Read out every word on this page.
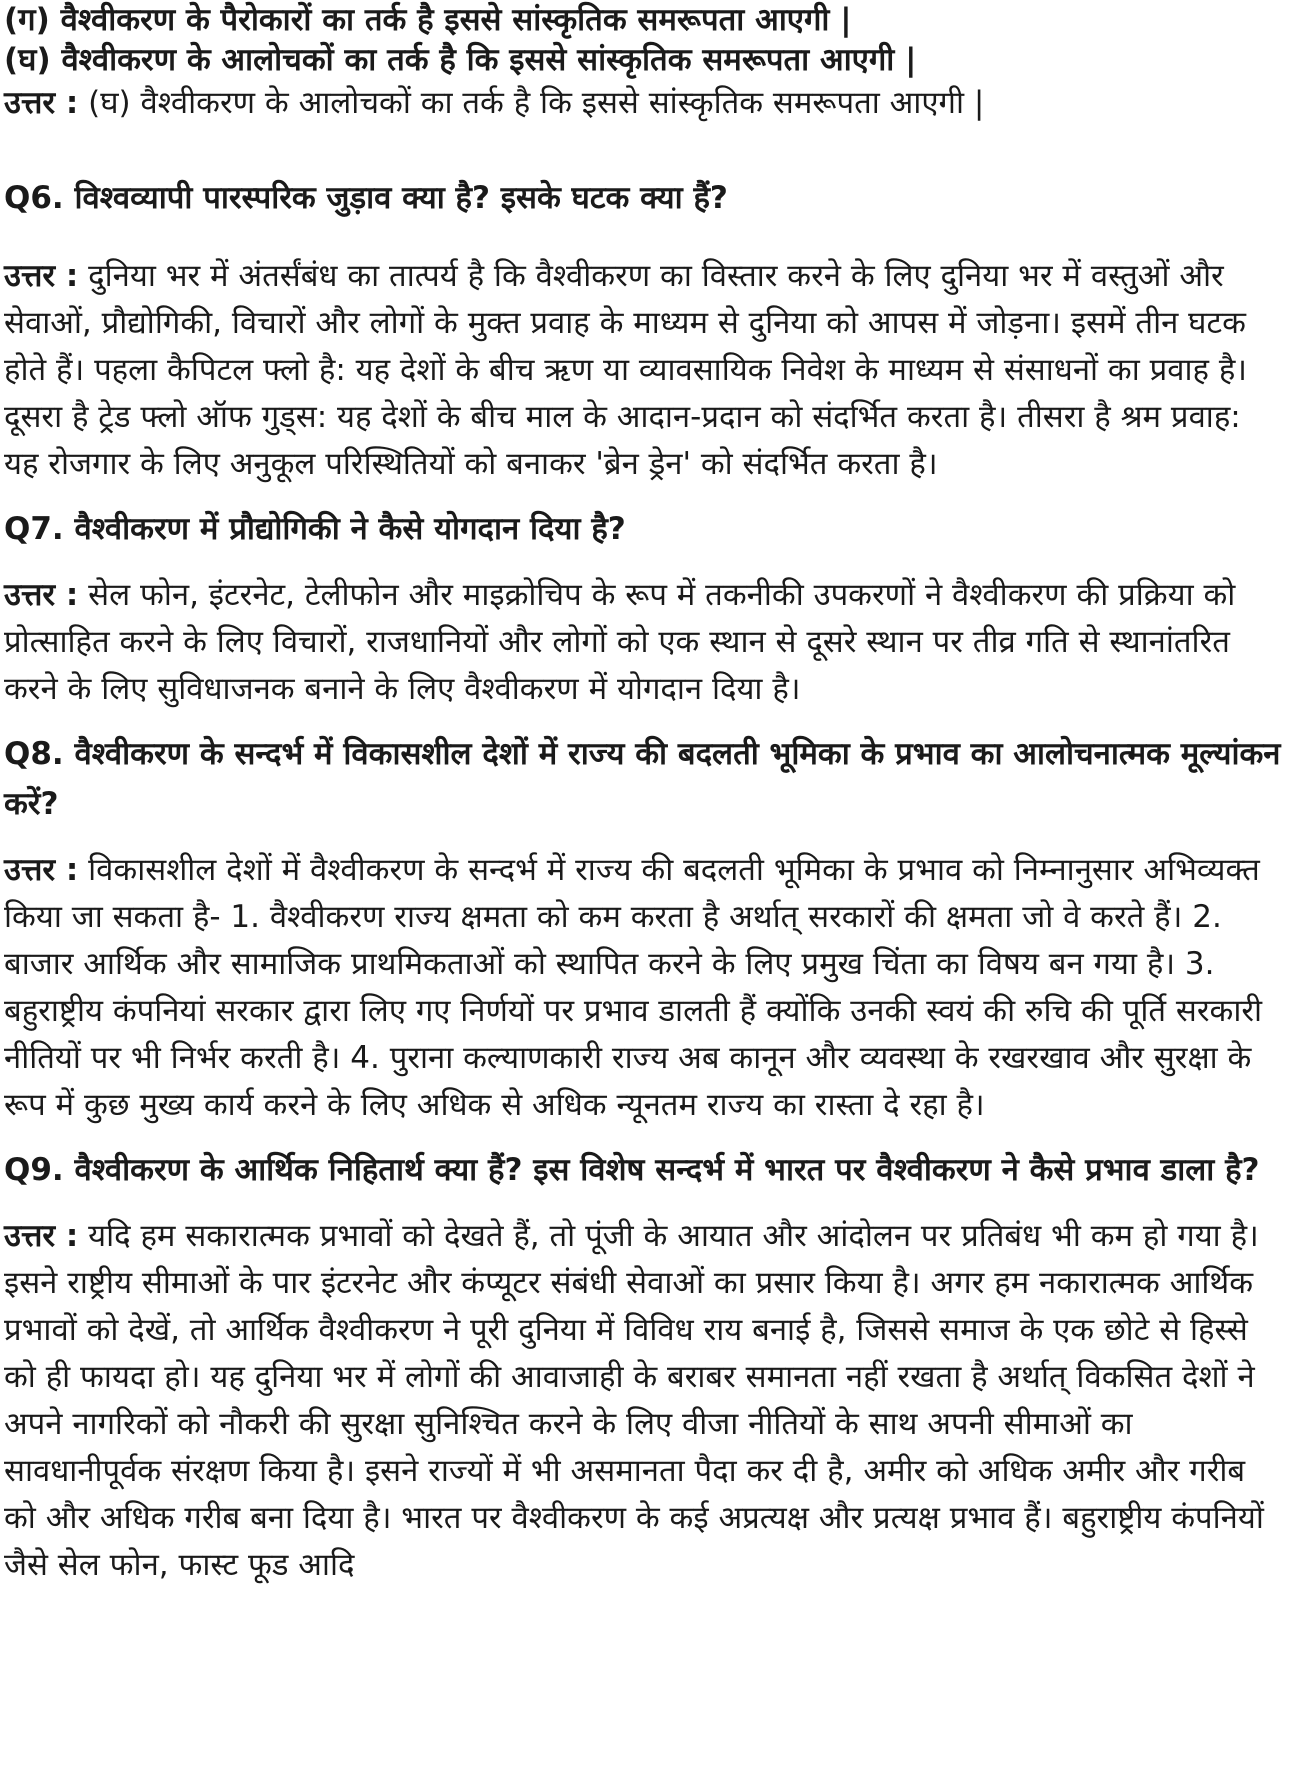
(ग) वैश्वीकरण के पैरोकारों का तर्क है इससे सांस्कृतिक समरूपता आएगी |

(घ) वैश्वीकरण के आलोचकों का तर्क है कि इससे सांस्कृतिक समरूपता आएगी |

उत्तर : (घ) वैश्वीकरण के आलोचकों का तर्क है कि इससे सांस्कृतिक समरूपता आएगी |

Q6. विश्वव्यापी पारस्परिक जुड़ाव क्या है? इसके घटक क्या हैं?

उत्तर : दुनिया भर में अंतर्संबंध का तात्पर्य है कि वैश्वीकरण का विस्तार करने के लिए दुनिया भर में वस्तुओं और सेवाओं, प्रौद्योगिकी, विचारों और लोगों के मुक्त प्रवाह के माध्यम से दुनिया को आपस में जोड़ना। इसमें तीन घटक होते हैं। पहला कैपिटल फ्लो है: यह देशों के बीच ऋण या व्यावसायिक निवेश के माध्यम से संसाधनों का प्रवाह है। दूसरा है ट्रेड फ्लो ऑफ गुड्स: यह देशों के बीच माल के आदान-प्रदान को संदर्भित करता है। तीसरा है श्रम प्रवाह: यह रोजगार के लिए अनुकूल परिस्थितियों को बनाकर 'ब्रेन ड्रेन' को संदर्भित करता है।

Q7. वैश्वीकरण में प्रौद्योगिकी ने कैसे योगदान दिया है?

उत्तर : सेल फोन, इंटरनेट, टेलीफोन और माइक्रोचिप के रूप में तकनीकी उपकरणों ने वैश्वीकरण की प्रक्रिया को प्रोत्साहित करने के लिए विचारों, राजधानियों और लोगों को एक स्थान से दूसरे स्थान पर तीव्र गति से स्थानांतरित करने के लिए सुविधाजनक बनाने के लिए वैश्वीकरण में योगदान दिया है।

Q8. वैश्वीकरण के सन्दर्भ में विकासशील देशों में राज्य की बदलती भूमिका के प्रभाव का आलोचनात्मक मूल्यांकन करें?

उत्तर : विकासशील देशों में वैश्वीकरण के सन्दर्भ में राज्य की बदलती भूमिका के प्रभाव को निम्नानुसार अभिव्यक्त किया जा सकता है- 1. वैश्वीकरण राज्य क्षमता को कम करता है अर्थात् सरकारों की क्षमता जो वे करते हैं। 2. बाजार आर्थिक और सामाजिक प्राथमिकताओं को स्थापित करने के लिए प्रमुख चिंता का विषय बन गया है। 3. बहुराष्ट्रीय कंपनियां सरकार द्वारा लिए गए निर्णयों पर प्रभाव डालती हैं क्योंकि उनकी स्वयं की रुचि की पूर्ति सरकारी नीतियों पर भी निर्भर करती है। 4. पुराना कल्याणकारी राज्य अब कानून और व्यवस्था के रखरखाव और सुरक्षा के रूप में कुछ मुख्य कार्य करने के लिए अधिक से अधिक न्यूनतम राज्य का रास्ता दे रहा है।

Q9. वैश्वीकरण के आर्थिक निहितार्थ क्या हैं? इस विशेष सन्दर्भ में भारत पर वैश्वीकरण ने कैसे प्रभाव डाला है?

उत्तर : यदि हम सकारात्मक प्रभावों को देखते हैं, तो पूंजी के आयात और आंदोलन पर प्रतिबंध भी कम हो गया है। इसने राष्ट्रीय सीमाओं के पार इंटरनेट और कंप्यूटर संबंधी सेवाओं का प्रसार किया है। अगर हम नकारात्मक आर्थिक प्रभावों को देखें, तो आर्थिक वैश्वीकरण ने पूरी दुनिया में विविध राय बनाई है, जिससे समाज के एक छोटे से हिस्से को ही फायदा हो। यह दुनिया भर में लोगों की आवाजाही के बराबर समानता नहीं रखता है अर्थात् विकसित देशों ने अपने नागरिकों को नौकरी की सुरक्षा सुनिश्चित करने के लिए वीजा नीतियों के साथ अपनी सीमाओं का सावधानीपूर्वक संरक्षण किया है। इसने राज्यों में भी असमानता पैदा कर दी है, अमीर को अधिक अमीर और गरीब को और अधिक गरीब बना दिया है। भारत पर वैश्वीकरण के कई अप्रत्यक्ष और प्रत्यक्ष प्रभाव हैं। बहुराष्ट्रीय कंपनियों जैसे सेल फोन, फास्ट फूड आदि
